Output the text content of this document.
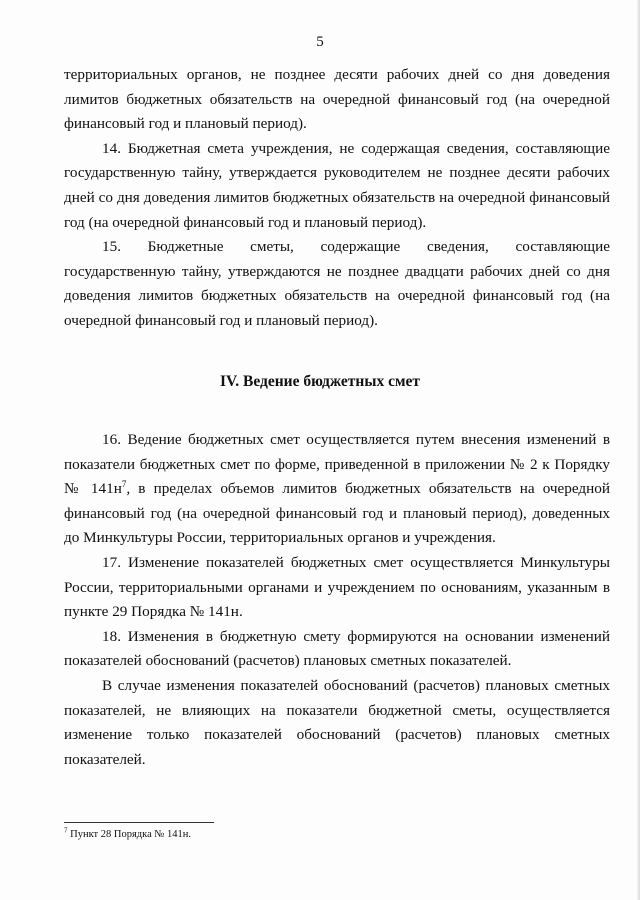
5

территориальных органов, не позднее десяти рабочих дней со дня доведения лимитов бюджетных обязательств на очередной финансовый год (на очередной финансовый год и плановый период).

14. Бюджетная смета учреждения, не содержащая сведения, составляющие государственную тайну, утверждается руководителем не позднее десяти рабочих дней со дня доведения лимитов бюджетных обязательств на очередной финансовый год (на очередной финансовый год и плановый период).

15. Бюджетные сметы, содержащие сведения, составляющие государственную тайну, утверждаются не позднее двадцати рабочих дней со дня доведения лимитов бюджетных обязательств на очередной финансовый год (на очередной финансовый год и плановый период).

IV. Ведение бюджетных смет

16. Ведение бюджетных смет осуществляется путем внесения изменений в показатели бюджетных смет по форме, приведенной в приложении № 2 к Порядку № $141н^7$, в пределах объемов лимитов бюджетных обязательств на очередной финансовый год (на очередной финансовый год и плановый период), доведенных до Минкультуры России, территориальных органов и учреждения.

17. Изменение показателей бюджетных смет осуществляется Минкультуры России, территориальными органами и учреждением по основаниям, указанным в пункте 29 Порядка № 141н.

18. Изменения в бюджетную смету формируются на основании изменений показателей обоснований (расчетов) плановых сметных показателей.

В случае изменения показателей обоснований (расчетов) плановых сметных показателей, не влияющих на показатели бюджетной сметы, осуществляется изменение только показателей обоснований (расчетов) плановых сметных показателей.

$^7$ Пункт 28 Порядка № 141н.
